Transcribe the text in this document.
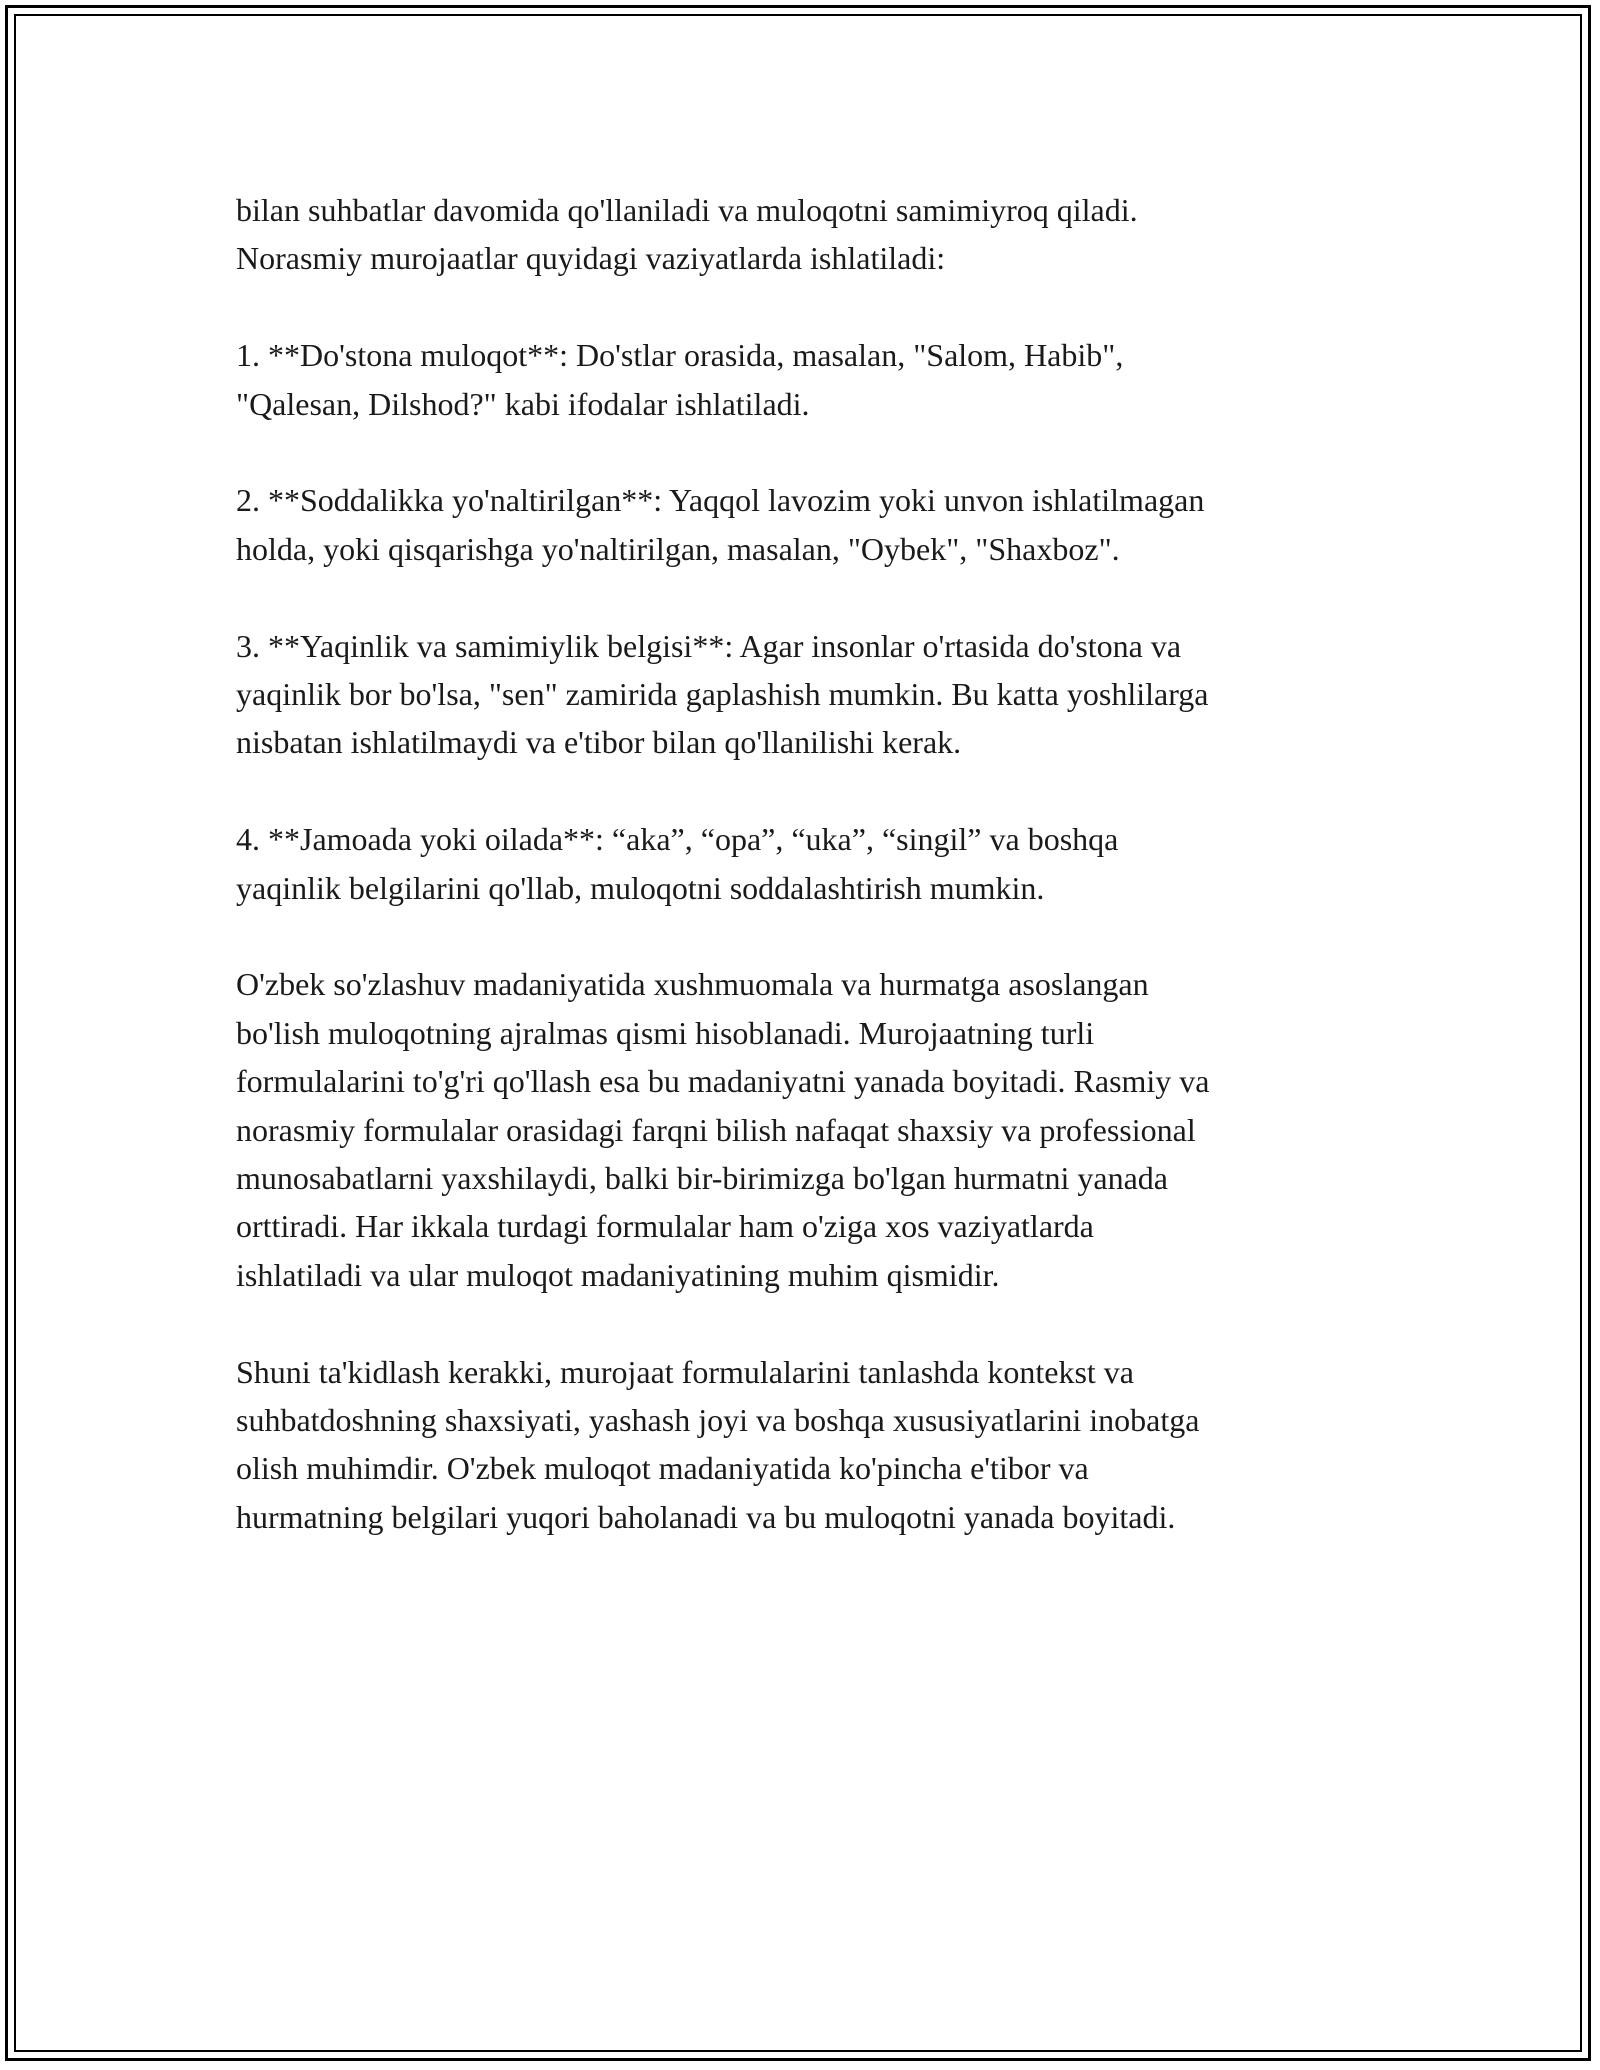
bilan suhbatlar davomida qo'llaniladi va muloqotni samimiyroq qiladi.
Norasmiy murojaatlar quyidagi vaziyatlarda ishlatiladi:

1. **Do'stona muloqot**: Do'stlar orasida, masalan, "Salom, Habib",
"Qalesan, Dilshod?" kabi ifodalar ishlatiladi.

2. **Soddalikka yo'naltirilgan**: Yaqqol lavozim yoki unvon ishlatilmagan
holda, yoki qisqarishga yo'naltirilgan, masalan, "Oybek", "Shaxboz".

3. **Yaqinlik va samimiylik belgisi**: Agar insonlar o'rtasida do'stona va
yaqinlik bor bo'lsa, "sen" zamirida gaplashish mumkin. Bu katta yoshlilarga
nisbatan ishlatilmaydi va e'tibor bilan qo'llanilishi kerak.

4. **Jamoada yoki oilada**: “aka”, “opa”, “uka”, “singil” va boshqa
yaqinlik belgilarini qo'llab, muloqotni soddalashtirish mumkin.

O'zbek so'zlashuv madaniyatida xushmuomala va hurmatga asoslangan
bo'lish muloqotning ajralmas qismi hisoblanadi. Murojaatning turli
formulalarini to'g'ri qo'llash esa bu madaniyatni yanada boyitadi. Rasmiy va
norasmiy formulalar orasidagi farqni bilish nafaqat shaxsiy va professional
munosabatlarni yaxshilaydi, balki bir-birimizga bo'lgan hurmatni yanada
orttiradi. Har ikkala turdagi formulalar ham o'ziga xos vaziyatlarda
ishlatiladi va ular muloqot madaniyatining muhim qismidir.

Shuni ta'kidlash kerakki, murojaat formulalarini tanlashda kontekst va
suhbatdoshning shaxsiyati, yashash joyi va boshqa xususiyatlarini inobatga
olish muhimdir. O'zbek muloqot madaniyatida ko'pincha e'tibor va
hurmatning belgilari yuqori baholanadi va bu muloqotni yanada boyitadi.
